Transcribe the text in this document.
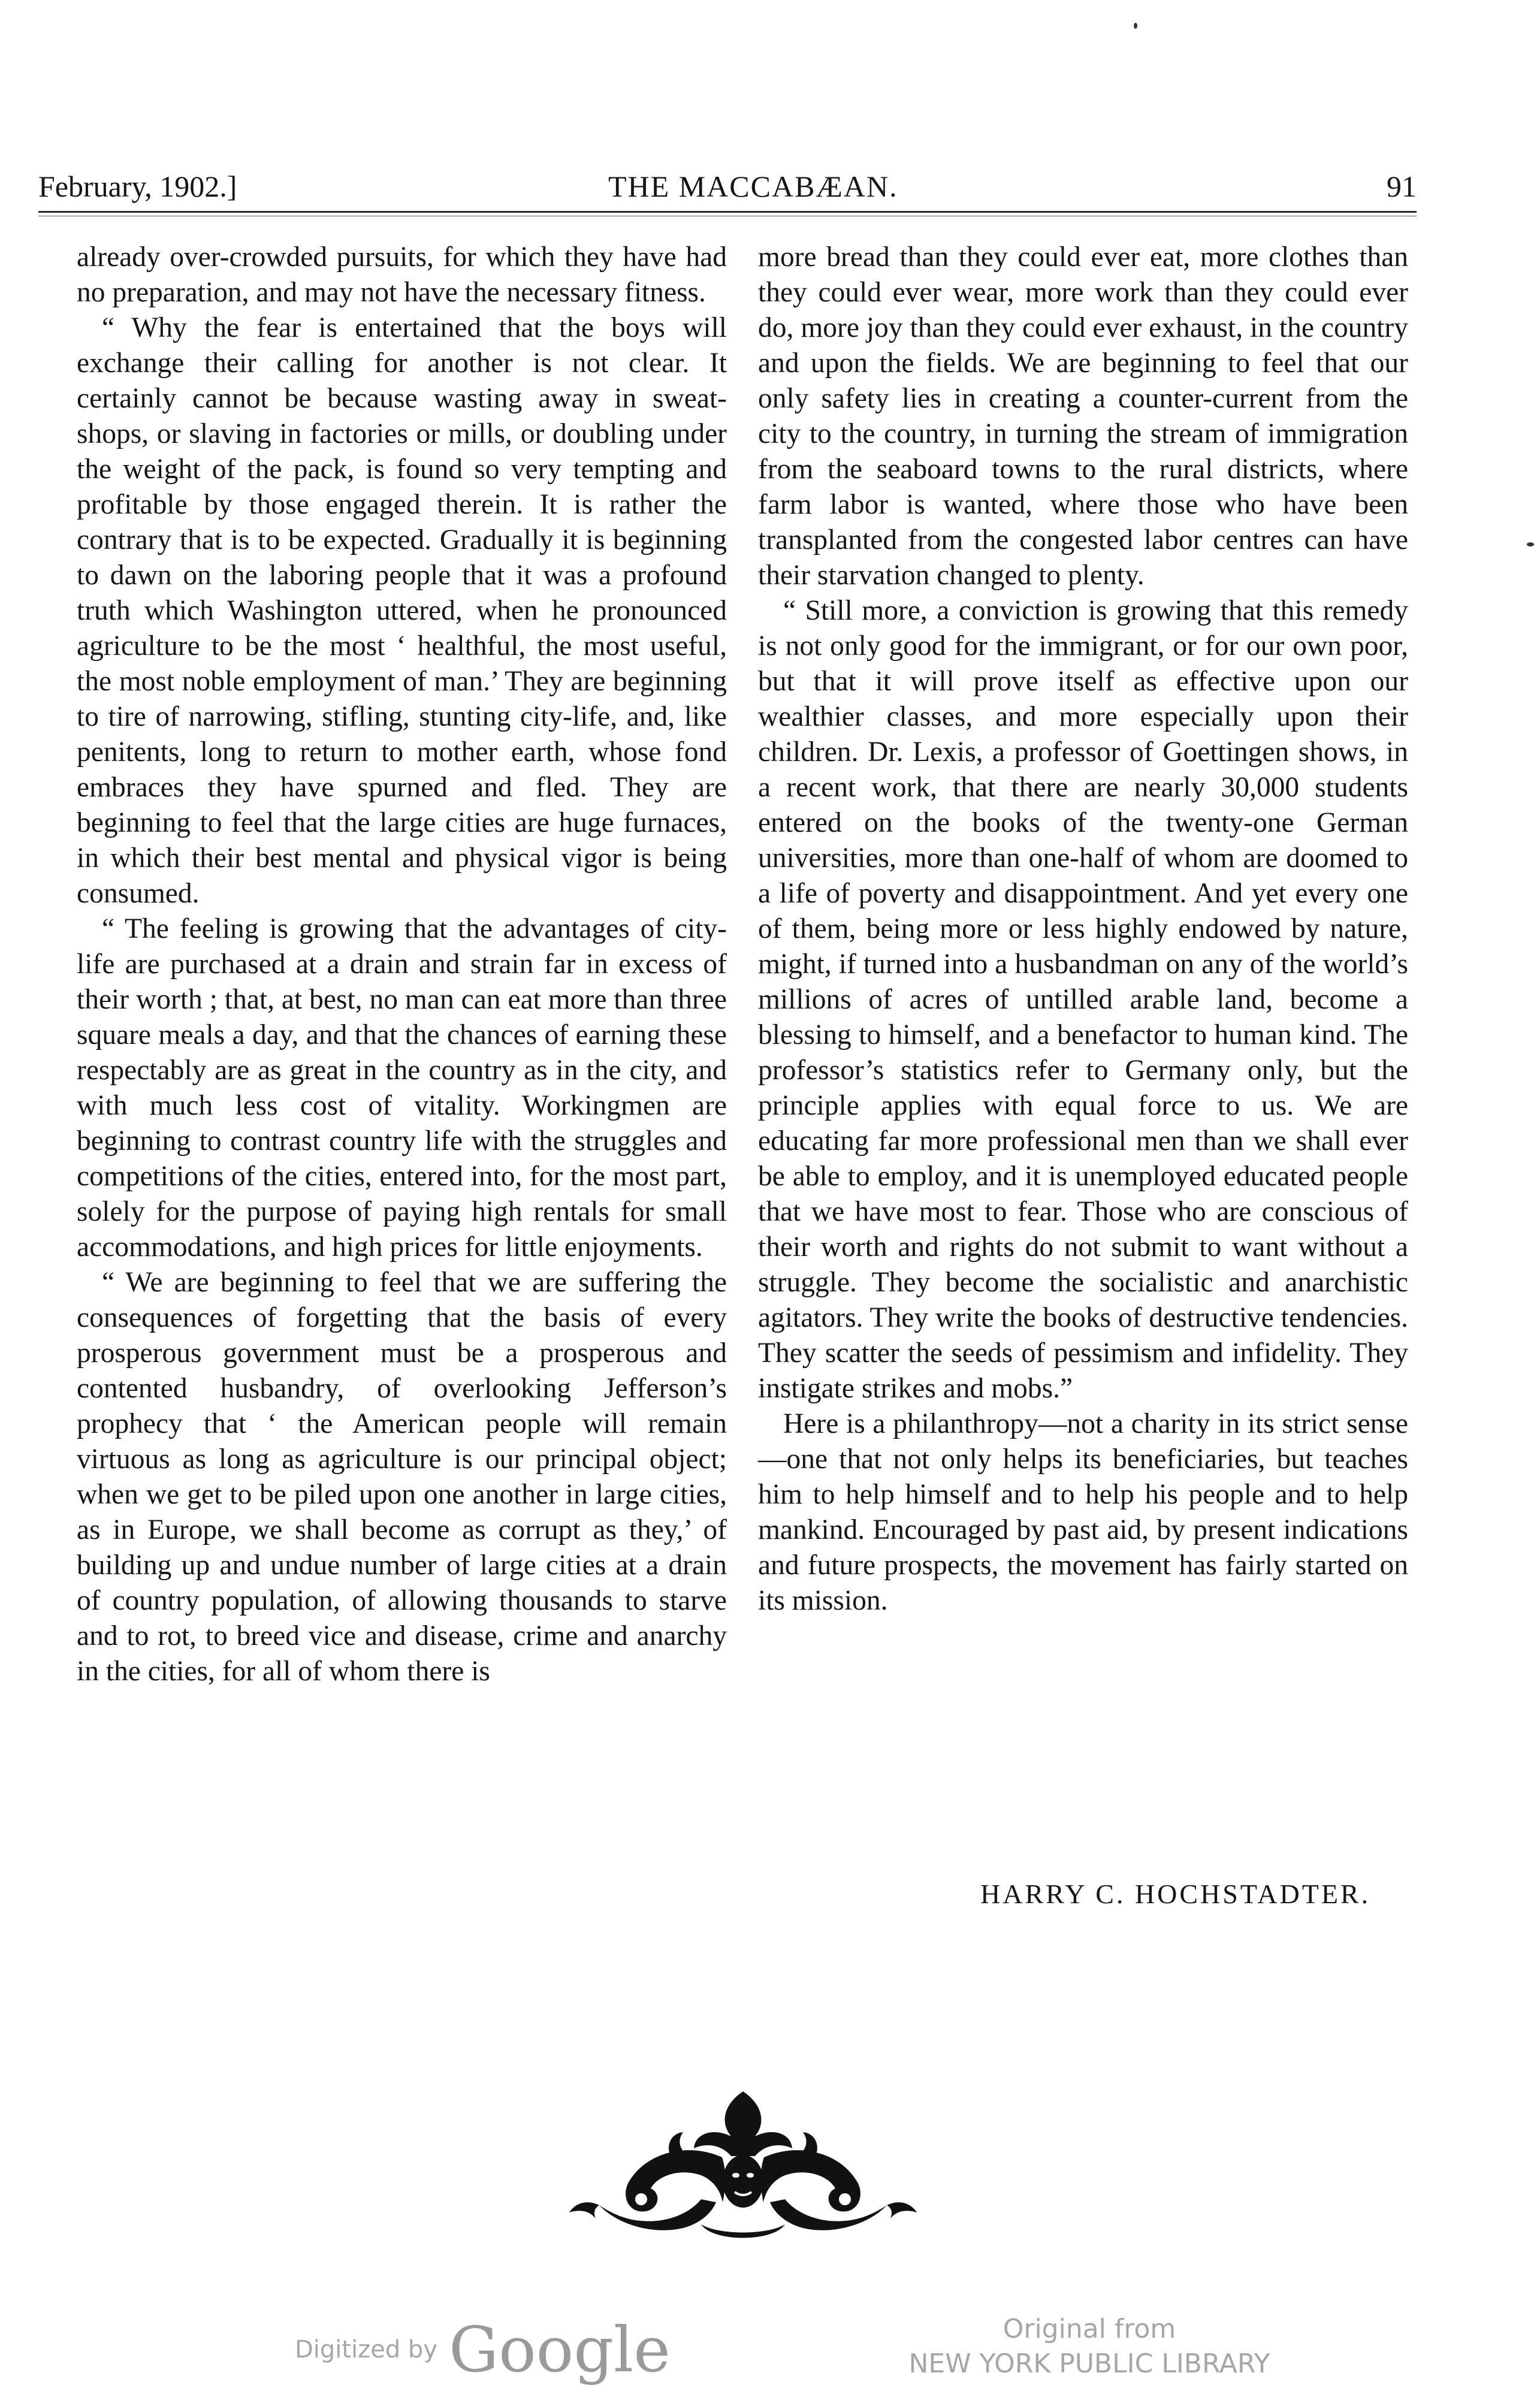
February, 1902.]	THE MACCABÆAN.	91

already over-crowded pursuits, for which they have had no preparation, and may not have the necessary fitness.

“ Why the fear is entertained that the boys will exchange their calling for another is not clear. It certainly cannot be because wasting away in sweat-shops, or slaving in factories or mills, or doubling under the weight of the pack, is found so very tempting and profitable by those engaged therein. It is rather the contrary that is to be expected. Gradually it is beginning to dawn on the laboring people that it was a profound truth which Washington uttered, when he pronounced agriculture to be the most ‘ healthful, the most useful, the most noble employment of man.’ They are beginning to tire of narrowing, stifling, stunting city-life, and, like penitents, long to return to mother earth, whose fond embraces they have spurned and fled. They are beginning to feel that the large cities are huge furnaces, in which their best mental and physical vigor is being consumed.

“ The feeling is growing that the advantages of city-life are purchased at a drain and strain far in excess of their worth ; that, at best, no man can eat more than three square meals a day, and that the chances of earning these respectably are as great in the country as in the city, and with much less cost of vitality. Workingmen are beginning to contrast country life with the struggles and competitions of the cities, entered into, for the most part, solely for the purpose of paying high rentals for small accommodations, and high prices for little enjoyments.

“ We are beginning to feel that we are suffering the consequences of forgetting that the basis of every prosperous government must be a prosperous and contented husbandry, of overlooking Jefferson’s prophecy that ‘ the American people will remain virtuous as long as agriculture is our principal object; when we get to be piled upon one another in large cities, as in Europe, we shall become as corrupt as they,’ of building up and undue number of large cities at a drain of country population, of allowing thousands to starve and to rot, to breed vice and disease, crime and anarchy in the cities, for all of whom there is

more bread than they could ever eat, more clothes than they could ever wear, more work than they could ever do, more joy than they could ever exhaust, in the country and upon the fields. We are beginning to feel that our only safety lies in creating a counter-current from the city to the country, in turning the stream of immigration from the seaboard towns to the rural districts, where farm labor is wanted, where those who have been transplanted from the congested labor centres can have their starvation changed to plenty.

“ Still more, a conviction is growing that this remedy is not only good for the immigrant, or for our own poor, but that it will prove itself as effective upon our wealthier classes, and more especially upon their children. Dr. Lexis, a professor of Goettingen shows, in a recent work, that there are nearly 30,000 students entered on the books of the twenty-one German universities, more than one-half of whom are doomed to a life of poverty and disappointment. And yet every one of them, being more or less highly endowed by nature, might, if turned into a husbandman on any of the world’s millions of acres of untilled arable land, become a blessing to himself, and a benefactor to human kind. The professor’s statistics refer to Germany only, but the principle applies with equal force to us. We are educating far more professional men than we shall ever be able to employ, and it is unemployed educated people that we have most to fear. Those who are conscious of their worth and rights do not submit to want without a struggle. They become the socialistic and anarchistic agitators. They write the books of destructive tendencies. They scatter the seeds of pessimism and infidelity. They instigate strikes and mobs.”

Here is a philanthropy—not a charity in its strict sense—one that not only helps its beneficiaries, but teaches him to help himself and to help his people and to help mankind. Encouraged by past aid, by present indications and future prospects, the movement has fairly started on its mission.

HARRY C. HOCHSTADTER.
Digitized by Google	Original from
NEW YORK PUBLIC LIBRARY
